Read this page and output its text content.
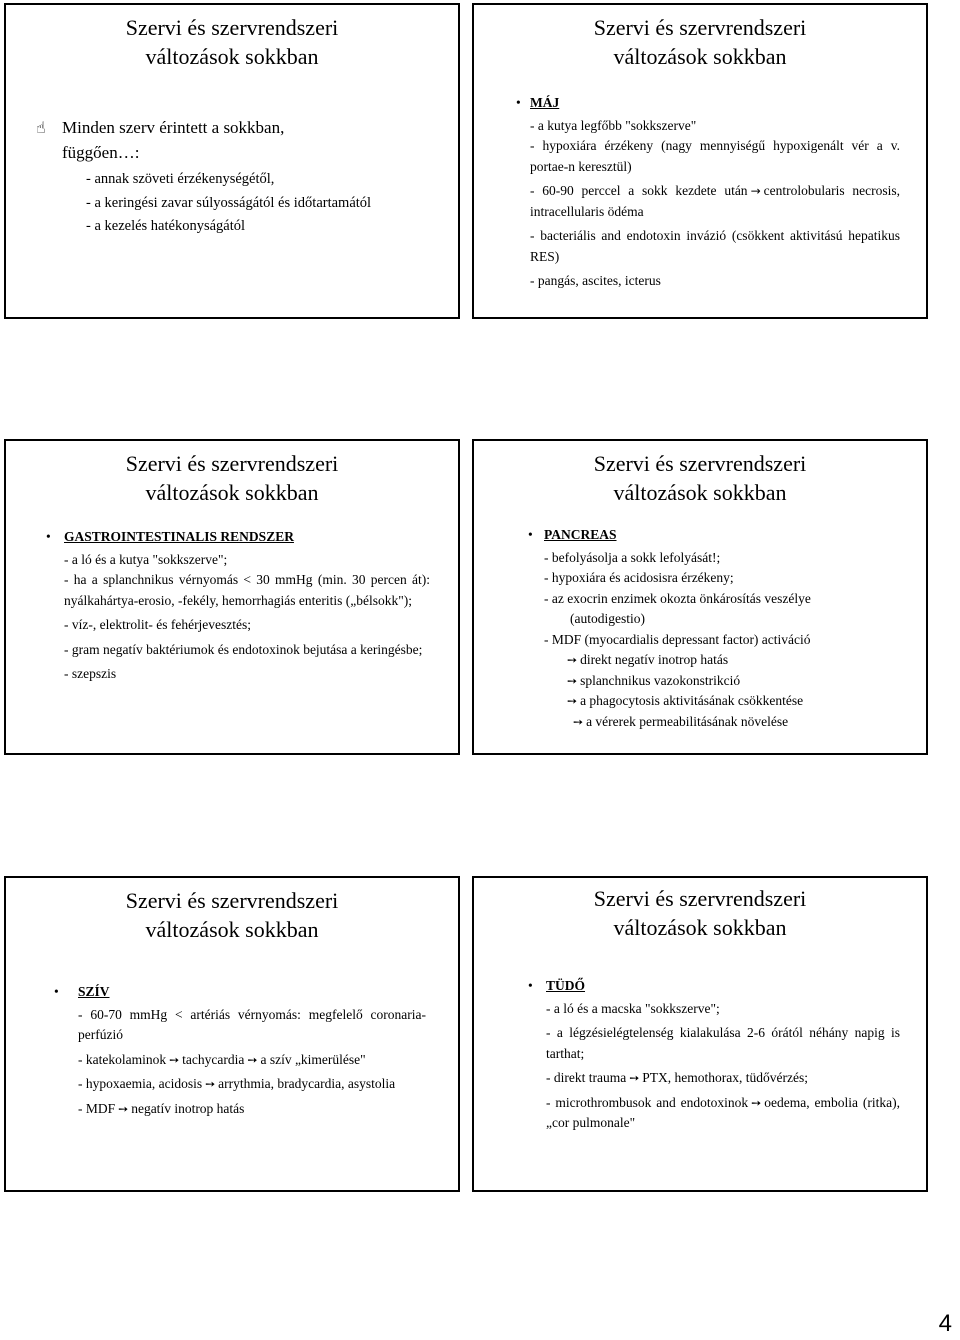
Szervi és szervrendszeri
változások sokkban
☝ Minden szerv érintett a sokkban,
függően…:
- annak szöveti érzékenységétől,
- a keringési zavar súlyosságától és időtartamától
- a kezelés hatékonyságától
Szervi és szervrendszeri
változások sokkban
• MÁJ
- a kutya legfőbb "sokkszerve"
- hypoxiára érzékeny (nagy mennyiségű hypoxigenált vér a v. portae-n keresztül)
- 60-90 perccel a sokk kezdete után → centrolobularis necrosis, intracellularis ödéma
- bacteriális and endotoxin invázió (csökkent aktivitású hepatikus RES)
- pangás, ascites, icterus
Szervi és szervrendszeri
változások sokkban
• GASTROINTESTINALIS RENDSZER
- a ló és a kutya "sokkszerve";
- ha a splanchnikus vérnyomás < 30 mmHg (min. 30 percen át): nyálkahártya-erosio, -fekély, hemorrhagiás enteritis („bélsokk");
- víz-, elektrolit- és fehérjevesztés;
- gram negatív baktériumok és endotoxinok bejutása a keringésbe;
- szepszis
Szervi és szervrendszeri
változások sokkban
• PANCREAS
- befolyásolja a sokk lefolyását!;
- hypoxiára és acidosisra érzékeny;
- az exocrin enzimek okozta önkárosítás veszélye
(autodigestio)
- MDF (myocardialis depressant factor) activáció
➙ direkt negatív inotrop hatás
➙ splanchnikus vazokonstrikció
➙ a phagocytosis aktivitásának csökkentése
➙ a vérerek permeabilitásának növelése
Szervi és szervrendszeri
változások sokkban
• SZÍV
- 60-70 mmHg < artériás vérnyomás: megfelelő coronaria-perfúzió
- katekolaminok ➙ tachycardia ➙ a szív „kimerülése"
- hypoxaemia, acidosis ➙ arrythmia, bradycardia, asystolia
- MDF ➙ negatív inotrop hatás
Szervi és szervrendszeri
változások sokkban
• TÜDŐ
- a ló és a macska "sokkszerve";
- a légzésielégtelenség kialakulása 2-6 órától néhány napig is tarthat;
- direkt trauma ➙ PTX, hemothorax, tüdővérzés;
- microthrombusok and endotoxinok ➙ oedema, embolia (ritka), „cor pulmonale"
4
